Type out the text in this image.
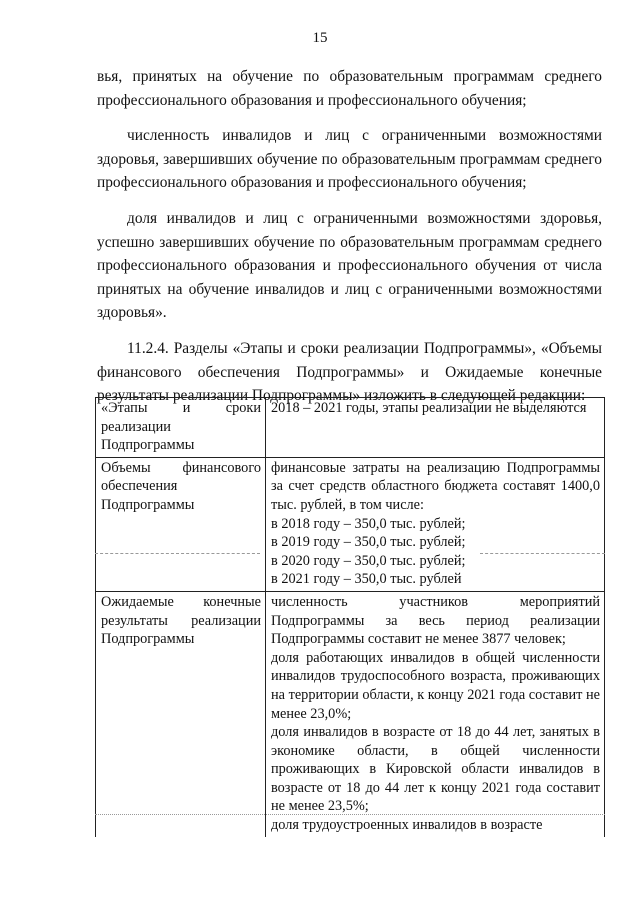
15

вья, принятых на обучение по образовательным программам среднего профессионального образования и профессионального обучения;

численность инвалидов и лиц с ограниченными возможностями здоровья, завершивших обучение по образовательным программам среднего профессионального образования и профессионального обучения;

доля инвалидов и лиц с ограниченными возможностями здоровья, успешно завершивших обучение по образовательным программам среднего профессионального образования и профессионального обучения от числа принятых на обучение инвалидов и лиц с ограниченными возможностями здоровья».

11.2.4. Разделы «Этапы и сроки реализации Подпрограммы», «Объемы финансового обеспечения Подпрограммы» и Ожидаемые конечные результаты реализации Подпрограммы» изложить в следующей редакции:

«Этапы и сроки реализации Подпрограммы	2018 – 2021 годы, этапы реализации не выделяются

Объемы финансового обеспечения Подпрограммы	финансовые затраты на реализацию Подпрограммы за счет средств областного бюджета составят 1400,0 тыс. рублей, в том числе:
в 2018 году – 350,0 тыс. рублей;
в 2019 году – 350,0 тыс. рублей;
в 2020 году – 350,0 тыс. рублей;
в 2021 году – 350,0 тыс. рублей

Ожидаемые конечные результаты реализации Подпрограммы	численность участников мероприятий Подпрограммы за весь период реализации Подпрограммы составит не менее 3877 человек;
доля работающих инвалидов в общей численности инвалидов трудоспособного возраста, проживающих на территории области, к концу 2021 года составит не менее 23,0%;
доля инвалидов в возрасте от 18 до 44 лет, занятых в экономике области, в общей численности проживающих в Кировской области инвалидов в возрасте от 18 до 44 лет к концу 2021 года составит не менее 23,5%;
доля трудоустроенных инвалидов в возрасте
